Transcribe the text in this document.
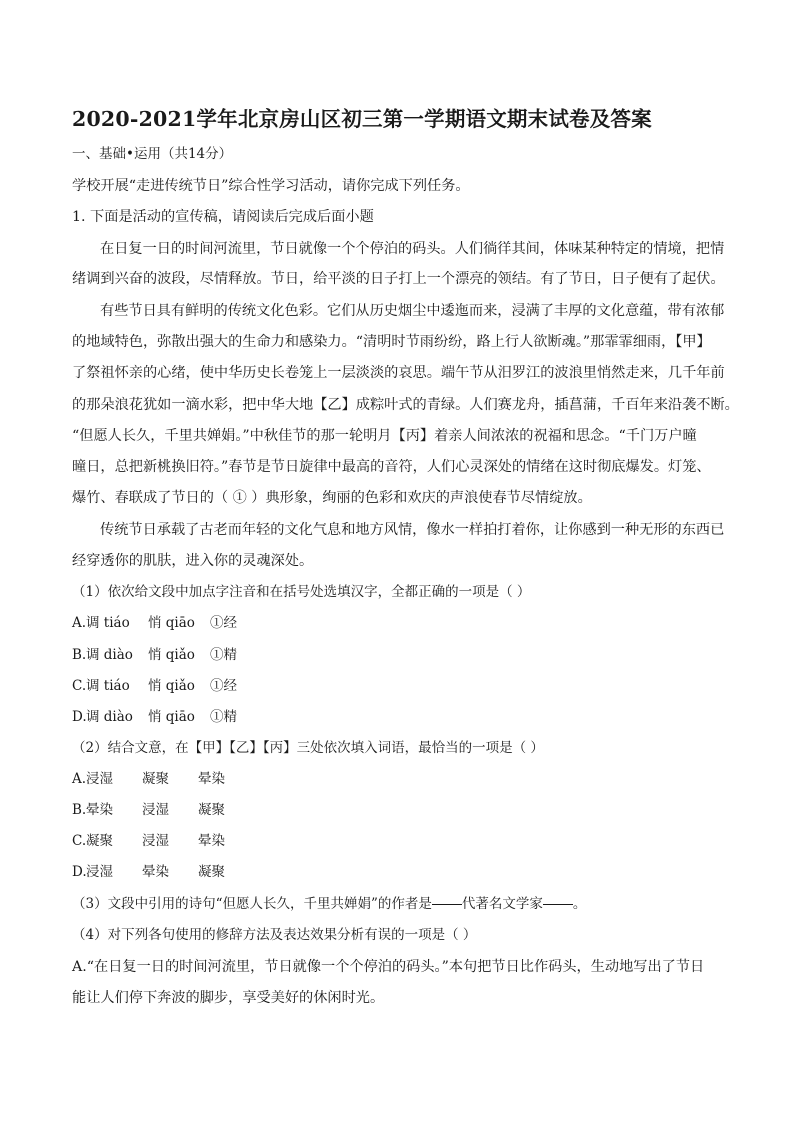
2020-2021学年北京房山区初三第一学期语文期末试卷及答案
一、基础•运用（共14分）
学校开展“走进传统节日”综合性学习活动，请你完成下列任务。
1. 下面是活动的宣传稿，请阅读后完成后面小题
在日复一日的时间河流里，节日就像一个个停泊的码头。人们徜徉其间，体味某种特定的情境，把情
绪调到兴奋的波段，尽情释放。节日，给平淡的日子打上一个漂亮的领结。有了节日，日子便有了起伏。
有些节日具有鲜明的传统文化色彩。它们从历史烟尘中逶迤而来，浸满了丰厚的文化意蕴，带有浓郁
的地域特色，弥散出强大的生命力和感染力。“清明时节雨纷纷，路上行人欲断魂。”那霏霏细雨，【甲】
了祭祖怀亲的心绪，使中华历史长卷笼上一层淡淡的哀思。端午节从汨罗江的波浪里悄然走来，几千年前
的那朵浪花犹如一滴水彩，把中华大地【乙】成粽叶式的青绿。人们赛龙舟，插菖蒲，千百年来沿袭不断。
“但愿人长久，千里共婵娟。”中秋佳节的那一轮明月【丙】着亲人间浓浓的祝福和思念。“千门万户曈
曈日，总把新桃换旧符。”春节是节日旋律中最高的音符，人们心灵深处的情绪在这时彻底爆发。灯笼、
爆竹、春联成了节日的（ ① ）典形象，绚丽的色彩和欢庆的声浪使春节尽情绽放。
传统节日承载了古老而年轻的文化气息和地方风情，像水一样拍打着你，让你感到一种无形的东西已
经穿透你的肌肤，进入你的灵魂深处。
（1）依次给文段中加点字注音和在括号处选填汉字，全都正确的一项是（ ）
A.调 tiáo 悄 qiāo ①经
B.调 diào 悄 qiǎo ①精
C.调 tiáo 悄 qiǎo ①经
D.调 diào 悄 qiāo ①精
（2）结合文意，在【甲】【乙】【丙】三处依次填入词语，最恰当的一项是（ ）
A.浸湿 凝聚 晕染
B.晕染 浸湿 凝聚
C.凝聚 浸湿 晕染
D.浸湿 晕染 凝聚
（3）文段中引用的诗句“但愿人长久，千里共婵娟”的作者是 代著名文学家 。
（4）对下列各句使用的修辞方法及表达效果分析有误的一项是（ ）
A.“在日复一日的时间河流里，节日就像一个个停泊的码头。”本句把节日比作码头，生动地写出了节日
能让人们停下奔波的脚步，享受美好的休闲时光。
